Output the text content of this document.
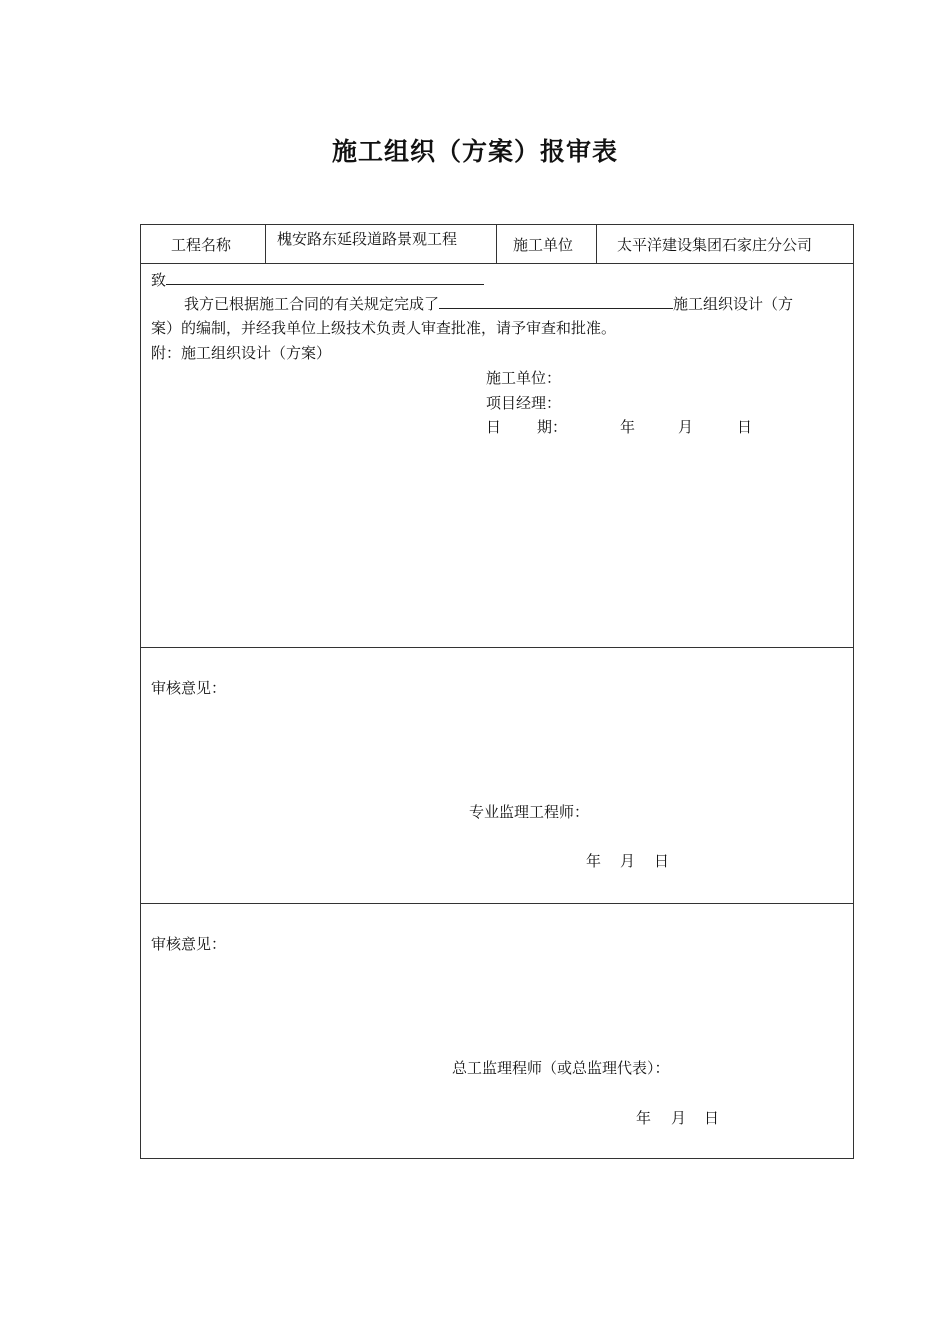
施工组织（方案）报审表
工程名称	槐安路东延段道路景观工程	施工单位	太平洋建设集团石家庄分公司
致
我方已根据施工合同的有关规定完成了	施工组织设计（方
案）的编制，并经我单位上级技术负责人审查批准，请予审查和批准。
附：施工组织设计（方案）
施工单位：
项目经理：
日 期：	年	月	日
审核意见：
专业监理工程师：
年 月 日
审核意见：
总工监理程师（或总监理代表）：
年 月 日
